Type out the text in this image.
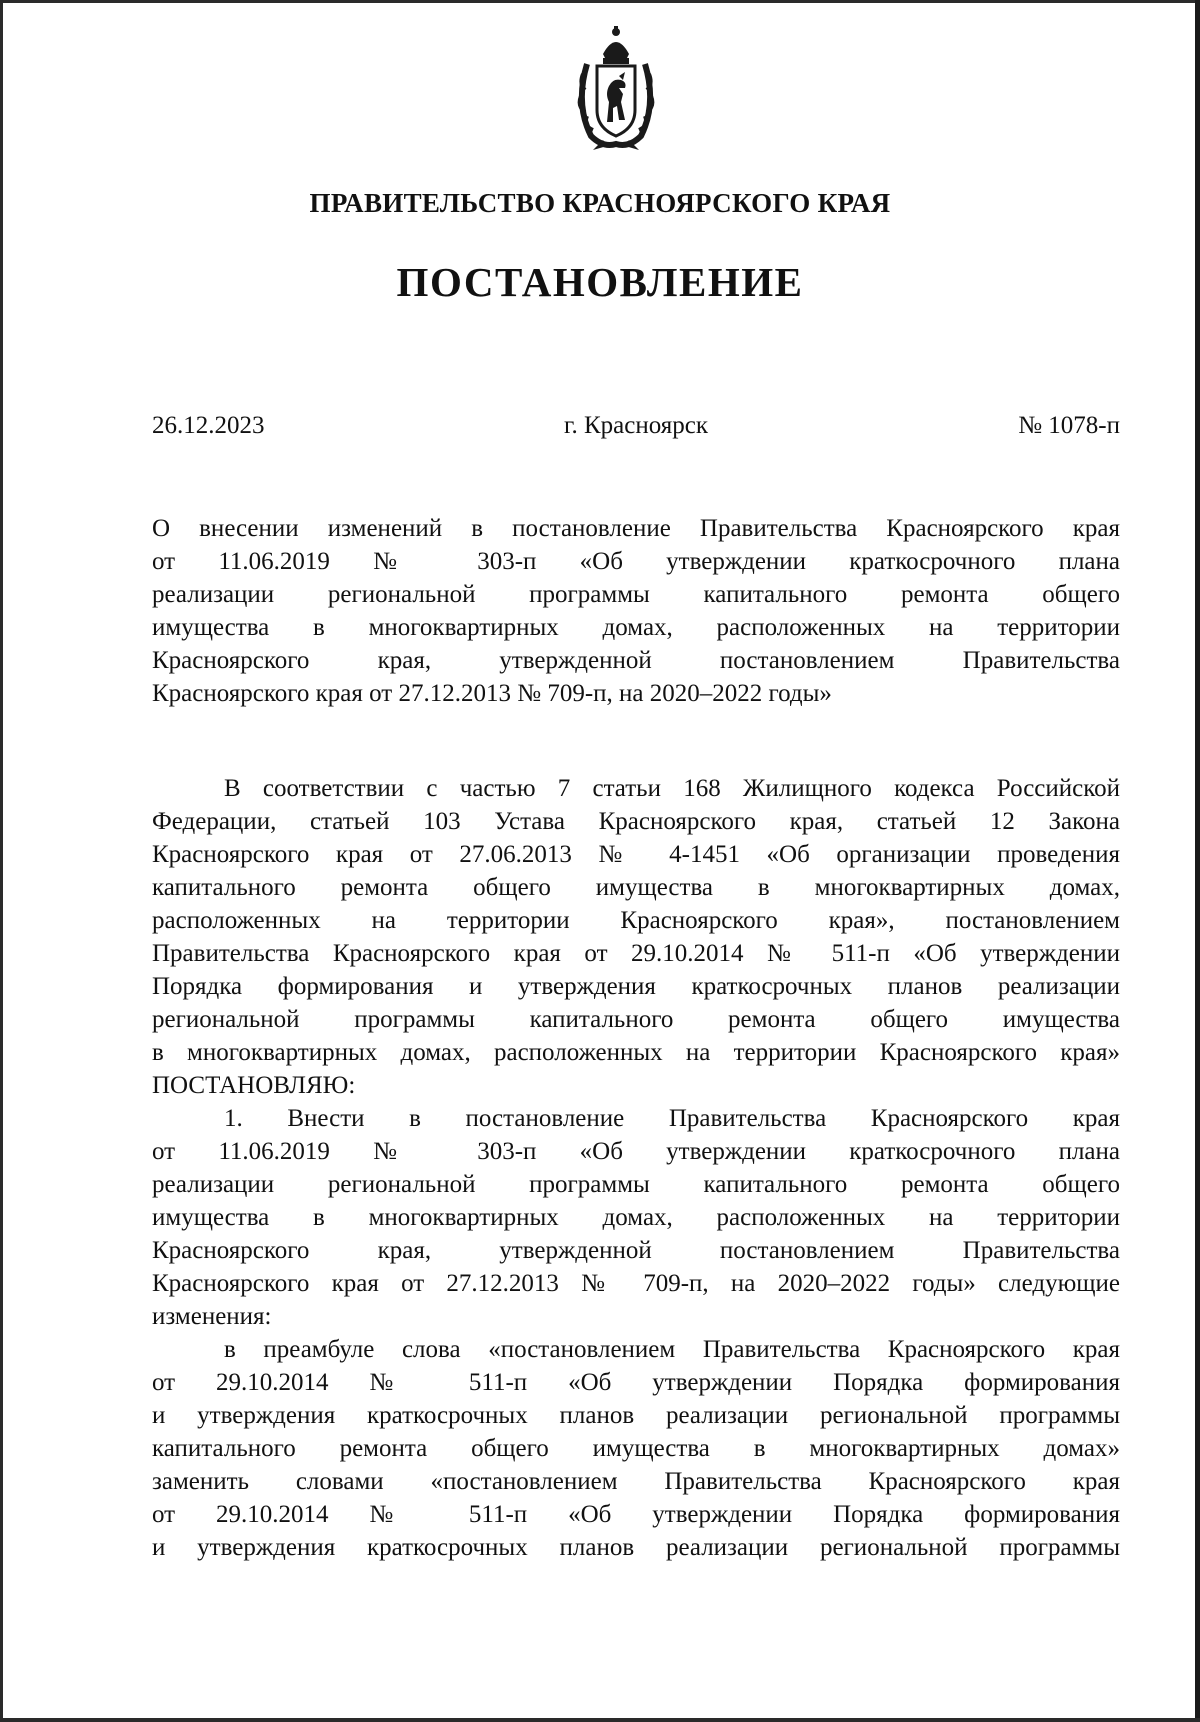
ПРАВИТЕЛЬСТВО КРАСНОЯРСКОГО КРАЯ
ПОСТАНОВЛЕНИЕ
26.12.2023	г. Красноярск	№ 1078-п
О внесении изменений в постановление Правительства Красноярского края
от 11.06.2019 № 303-п «Об утверждении краткосрочного плана
реализации региональной программы капитального ремонта общего
имущества в многоквартирных домах, расположенных на территории
Красноярского края, утвержденной постановлением Правительства
Красноярского края от 27.12.2013 № 709-п, на 2020–2022 годы»
В соответствии с частью 7 статьи 168 Жилищного кодекса Российской
Федерации, статьей 103 Устава Красноярского края, статьей 12 Закона
Красноярского края от 27.06.2013 № 4-1451 «Об организации проведения
капитального ремонта общего имущества в многоквартирных домах,
расположенных на территории Красноярского края», постановлением
Правительства Красноярского края от 29.10.2014 № 511-п «Об утверждении
Порядка формирования и утверждения краткосрочных планов реализации
региональной программы капитального ремонта общего имущества
в многоквартирных домах, расположенных на территории Красноярского края»
ПОСТАНОВЛЯЮ:
1. Внести в постановление Правительства Красноярского края
от 11.06.2019 № 303-п «Об утверждении краткосрочного плана
реализации региональной программы капитального ремонта общего
имущества в многоквартирных домах, расположенных на территории
Красноярского края, утвержденной постановлением Правительства
Красноярского края от 27.12.2013 № 709-п, на 2020–2022 годы» следующие
изменения:
в преамбуле слова «постановлением Правительства Красноярского края
от 29.10.2014 № 511-п «Об утверждении Порядка формирования
и утверждения краткосрочных планов реализации региональной программы
капитального ремонта общего имущества в многоквартирных домах»
заменить словами «постановлением Правительства Красноярского края
от 29.10.2014 № 511-п «Об утверждении Порядка формирования
и утверждения краткосрочных планов реализации региональной программы
